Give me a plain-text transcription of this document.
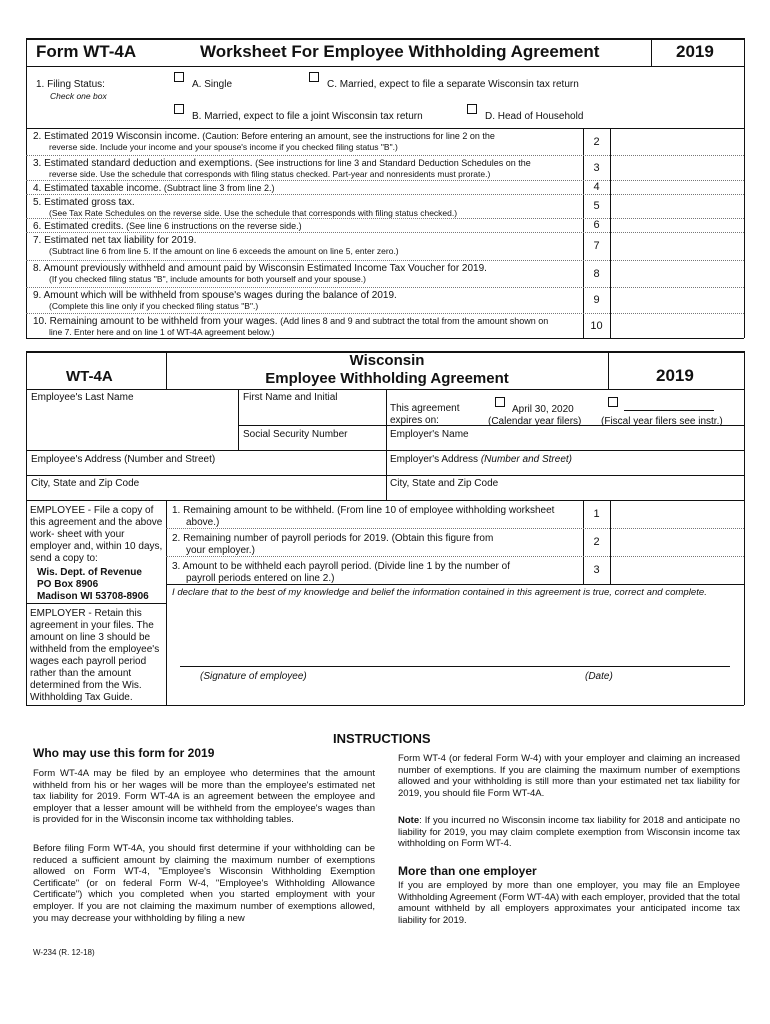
Form WT-4A	Worksheet For Employee Withholding Agreement	2019
1. Filing Status:
Check one box
A. Single	C. Married, expect to file a separate Wisconsin tax return
B. Married, expect to file a joint Wisconsin tax return	D. Head of Household
2. Estimated 2019 Wisconsin income. (Caution: Before entering an amount, see the instructions for line 2 on the
reverse side. Include your income and your spouse's income if you checked filing status "B".)	2
3. Estimated standard deduction and exemptions. (See instructions for line 3 and Standard Deduction Schedules on the
reverse side. Use the schedule that corresponds with filing status checked. Part-year and nonresidents must prorate.)
3
4. Estimated taxable income. (Subtract line 3 from line 2.)	4
5. Estimated gross tax.
(See Tax Rate Schedules on the reverse side. Use the schedule that corresponds with filing status checked.)
5
6. Estimated credits. (See line 6 instructions on the reverse side.)	6
7. Estimated net tax liability for 2019.
(Subtract line 6 from line 5. If the amount on line 6 exceeds the amount on line 5, enter zero.)	7
8. Amount previously withheld and amount paid by Wisconsin Estimated Income Tax Voucher for 2019.
(If you checked filing status "B", include amounts for both yourself and your spouse.)	8
9. Amount which will be withheld from spouse's wages during the balance of 2019.
(Complete this line only if you checked filing status "B".)	9
10. Remaining amount to be withheld from your wages. (Add lines 8 and 9 and subtract the total from the amount shown on
line 7. Enter here and on line 1 of WT-4A agreement below.)
10
WT-4A
Wisconsin
Employee Withholding Agreement	2019
Employee's Last Name	First Name and Initial
This agreement expires on:
April 30, 2020
(Calendar year filers) (Fiscal year filers see instr.)
Social Security Number	Employer's Name
Employee's Address (Number and Street)	Employer's Address (Number and Street)
City, State and Zip Code	City, State and Zip Code
EMPLOYEE - File a copy of this agreement and the above work- sheet with your employer and, within 10 days, send a copy to:
Wis. Dept. of Revenue
PO Box 8906
Madison WI 53708-8906
EMPLOYER - Retain this agreement in your files. The amount on line 3 should be withheld from the employee's wages each payroll period rather than the amount determined from the Wis. Withholding Tax Guide.
1. Remaining amount to be withheld. (From line 10 of employee withholding worksheet
above.)
1
2. Remaining number of payroll periods for 2019. (Obtain this figure from
your employer.)
2
3. Amount to be withheld each payroll period. (Divide line 1 by the number of
payroll periods entered on line 2.)
3
I declare that to the best of my knowledge and belief the information contained in this agreement is true, correct and complete.
(Signature of employee)	(Date)
INSTRUCTIONS
Who may use this form for 2019
Form WT-4A may be filed by an employee who determines that the amount withheld from his or her wages will be more than the employee's estimated net tax liability for 2019. Form WT-4A is an agreement between the employee and employer that a lesser amount will be withheld from the employee's wages than is provided for in the Wisconsin income tax withholding tables.
Before filing Form WT-4A, you should first determine if your withholding can be reduced a sufficient amount by claiming the maximum number of exemptions allowed on Form WT-4, "Employee's Wisconsin Withholding Exemption Certificate" (or on federal Form W-4, "Employee's Withholding Allowance Certificate") which you completed when you started employment with your employer. If you are not claiming the maximum number of exemptions allowed, you may decrease your withholding by filing a new
Form WT-4 (or federal Form W-4) with your employer and claiming an increased number of exemptions. If you are claiming the maximum number of exemptions allowed and your withholding is still more than your estimated net tax liability for 2019, you should file Form WT-4A.
Note: If you incurred no Wisconsin income tax liability for 2018 and anticipate no liability for 2019, you may claim complete exemption from Wisconsin income tax withholding on Form WT-4.
More than one employer
If you are employed by more than one employer, you may file an Employee Withholding Agreement (Form WT-4A) with each employer, provided that the total amount withheld by all employers approximates your anticipated income tax liability for 2019.
W-234 (R. 12-18)
